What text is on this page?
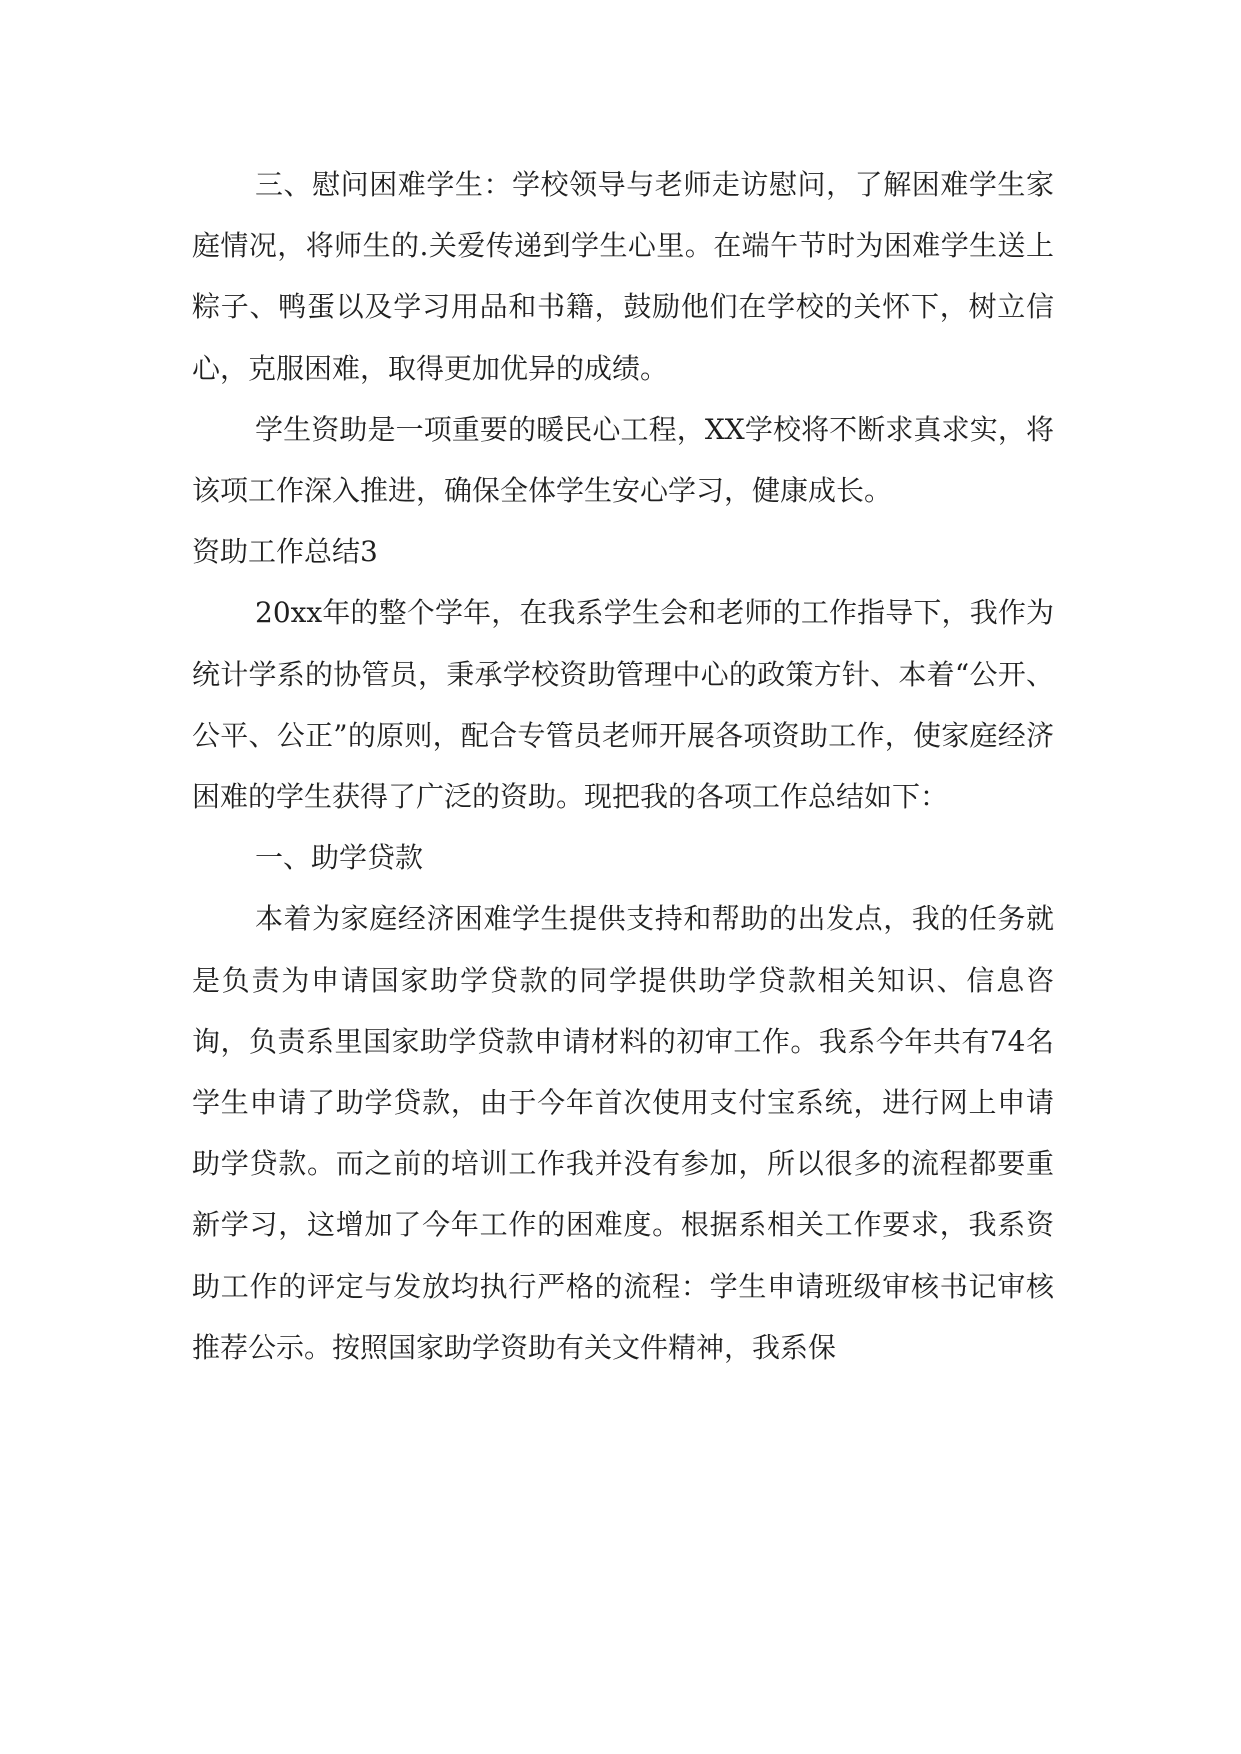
三、慰问困难学生：学校领导与老师走访慰问，了解困难学生家庭情况，将师生的.关爱传递到学生心里。在端午节时为困难学生送上粽子、鸭蛋以及学习用品和书籍，鼓励他们在学校的关怀下，树立信心，克服困难，取得更加优异的成绩。

学生资助是一项重要的暖民心工程，XX学校将不断求真求实，将该项工作深入推进，确保全体学生安心学习，健康成长。

资助工作总结3

20xx年的整个学年，在我系学生会和老师的工作指导下，我作为统计学系的协管员，秉承学校资助管理中心的政策方针、本着“公开、公平、公正”的原则，配合专管员老师开展各项资助工作，使家庭经济困难的学生获得了广泛的资助。现把我的各项工作总结如下：

一、助学贷款

本着为家庭经济困难学生提供支持和帮助的出发点，我的任务就是负责为申请国家助学贷款的同学提供助学贷款相关知识、信息咨询，负责系里国家助学贷款申请材料的初审工作。我系今年共有74名学生申请了助学贷款，由于今年首次使用支付宝系统，进行网上申请助学贷款。而之前的培训工作我并没有参加，所以很多的流程都要重新学习，这增加了今年工作的困难度。根据系相关工作要求，我系资助工作的评定与发放均执行严格的流程：学生申请班级审核书记审核推荐公示。按照国家助学资助有关文件精神，我系保
